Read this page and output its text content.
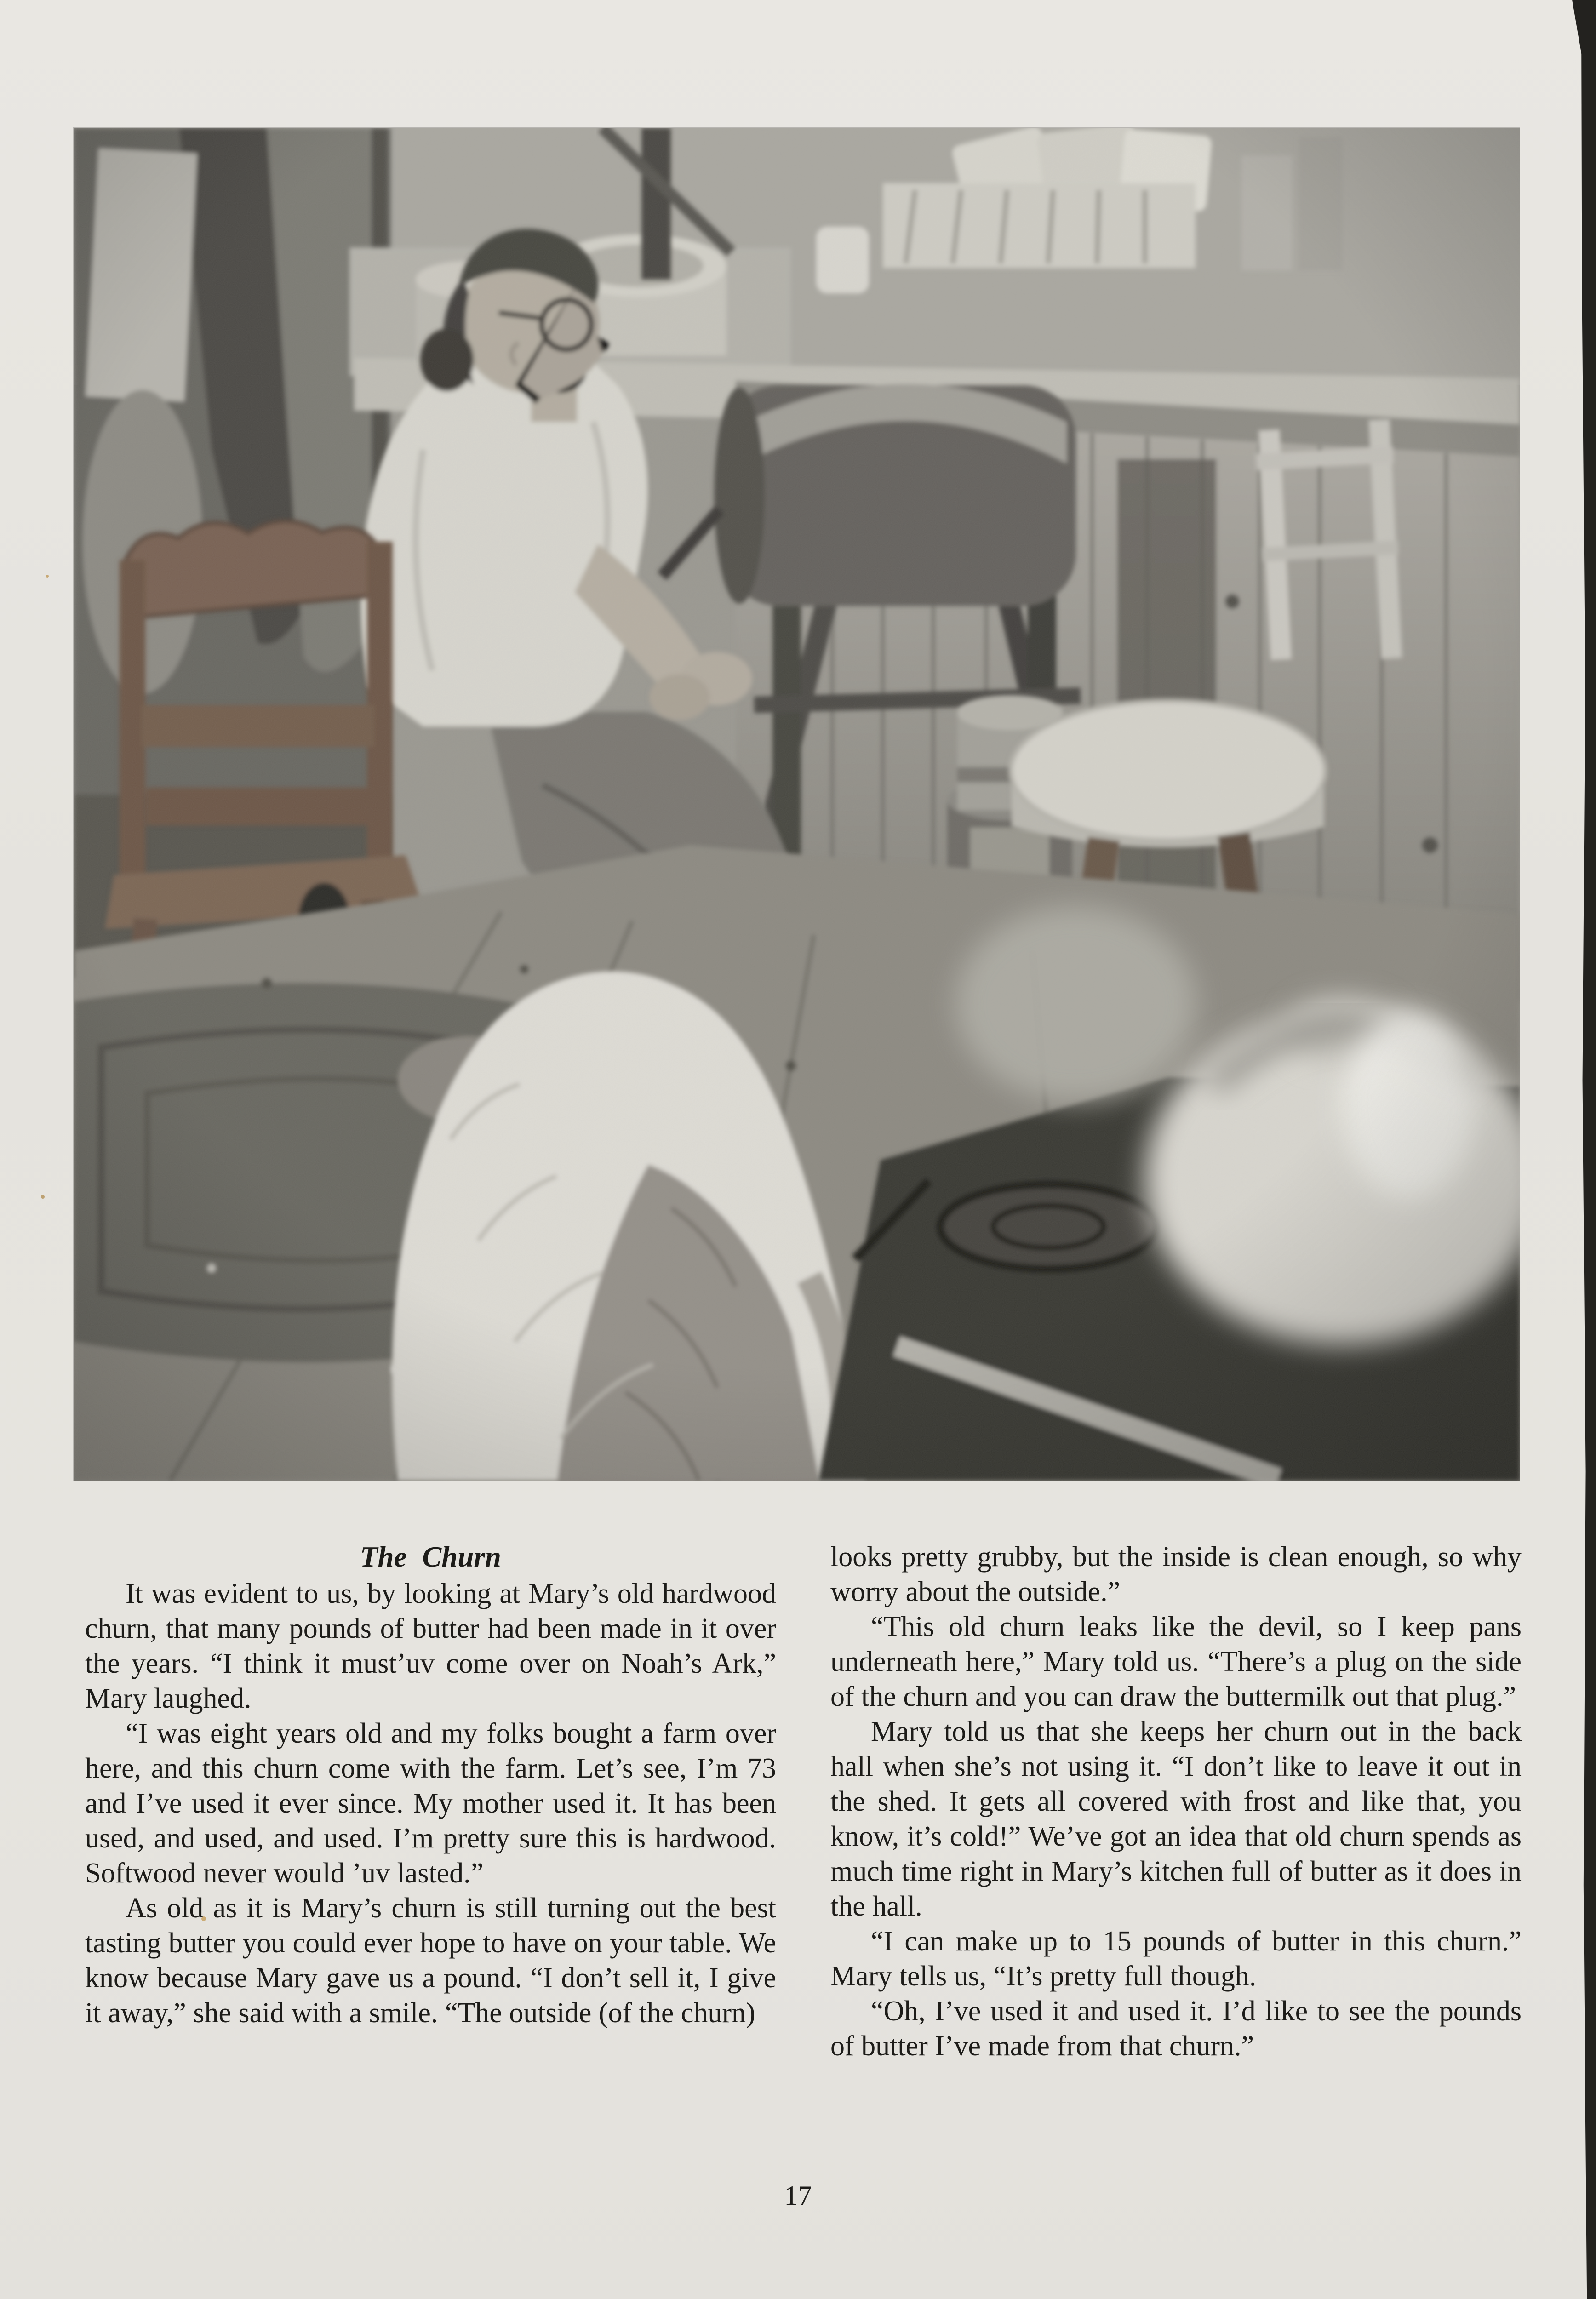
The Churn

It was evident to us, by looking at Mary’s old hardwood churn, that many pounds of butter had been made in it over the years. “I think it must’uv come over on Noah’s Ark,” Mary laughed.

“I was eight years old and my folks bought a farm over here, and this churn come with the farm. Let’s see, I’m 73 and I’ve used it ever since. My mother used it. It has been used, and used, and used. I’m pretty sure this is hardwood. Softwood never would ’uv lasted.”

As old as it is Mary’s churn is still turning out the best tasting butter you could ever hope to have on your table. We know because Mary gave us a pound. “I don’t sell it, I give it away,” she said with a smile. “The outside (of the churn)

looks pretty grubby, but the inside is clean enough, so why worry about the outside.”

“This old churn leaks like the devil, so I keep pans underneath here,” Mary told us. “There’s a plug on the side of the churn and you can draw the buttermilk out that plug.”

Mary told us that she keeps her churn out in the back hall when she’s not using it. “I don’t like to leave it out in the shed. It gets all covered with frost and like that, you know, it’s cold!” We’ve got an idea that old churn spends as much time right in Mary’s kitchen full of butter as it does in the hall.

“I can make up to 15 pounds of butter in this churn.” Mary tells us, “It’s pretty full though.

“Oh, I’ve used it and used it. I’d like to see the pounds of butter I’ve made from that churn.”

17
